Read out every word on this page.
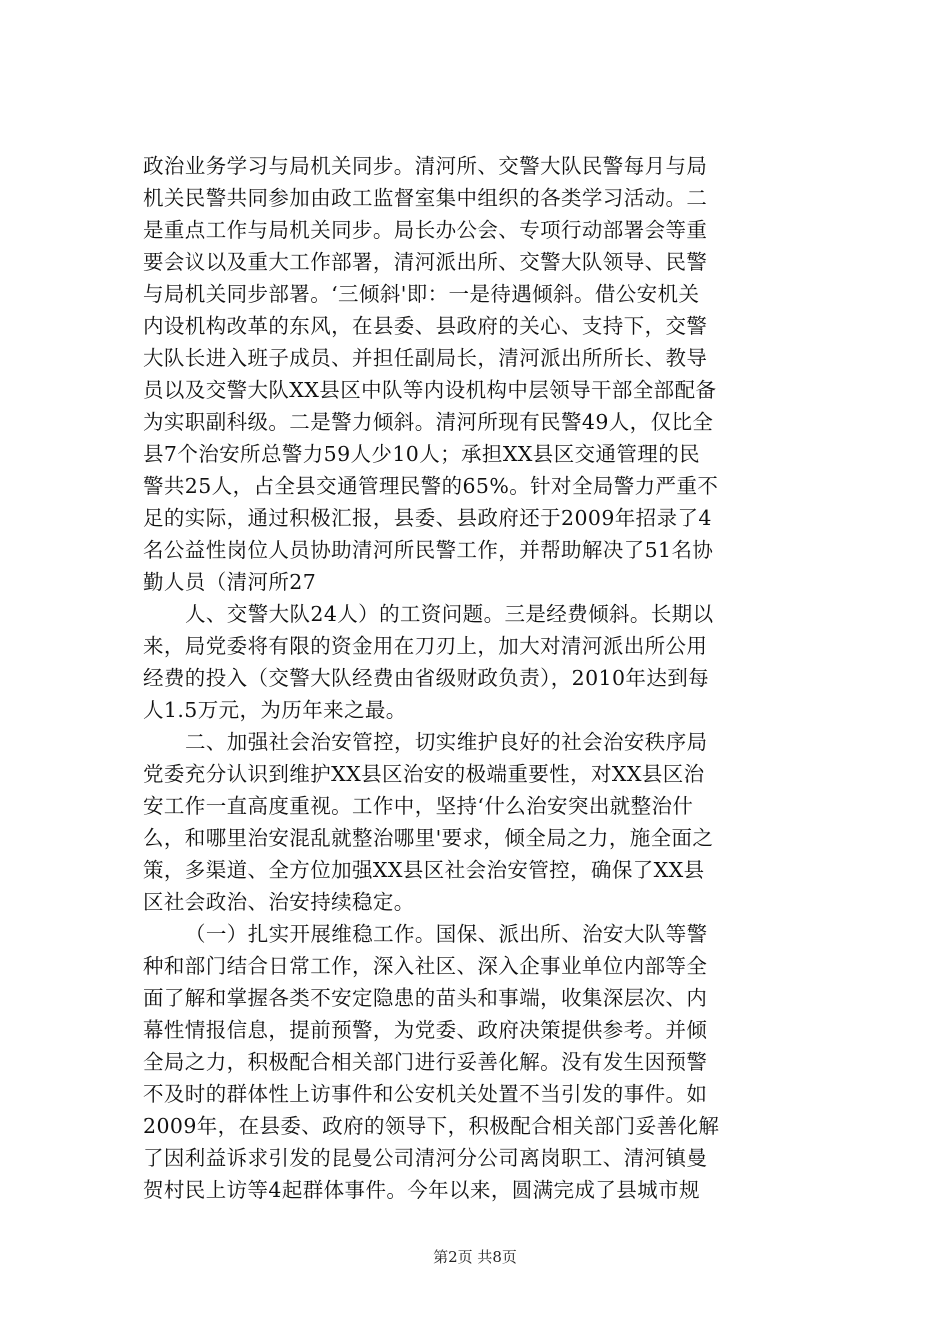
政治业务学习与局机关同步。清河所、交警大队民警每月与局
机关民警共同参加由政工监督室集中组织的各类学习活动。二
是重点工作与局机关同步。局长办公会、专项行动部署会等重
要会议以及重大工作部署，清河派出所、交警大队领导、民警
与局机关同步部署。‘三倾斜'即：一是待遇倾斜。借公安机关
内设机构改革的东风，在县委、县政府的关心、支持下，交警
大队长进入班子成员、并担任副局长，清河派出所所长、教导
员以及交警大队XX县区中队等内设机构中层领导干部全部配备
为实职副科级。二是警力倾斜。清河所现有民警49人，仅比全
县7个治安所总警力59人少10人；承担XX县区交通管理的民
警共25人，占全县交通管理民警的65%。针对全局警力严重不
足的实际，通过积极汇报，县委、县政府还于2009年招录了4
名公益性岗位人员协助清河所民警工作，并帮助解决了51名协
勤人员（清河所27
人、交警大队24人）的工资问题。三是经费倾斜。长期以
来，局党委将有限的资金用在刀刃上，加大对清河派出所公用
经费的投入（交警大队经费由省级财政负责），2010年达到每
人1.5万元，为历年来之最。
二、加强社会治安管控，切实维护良好的社会治安秩序局
党委充分认识到维护XX县区治安的极端重要性，对XX县区治
安工作一直高度重视。工作中，坚持‘什么治安突出就整治什
么，和哪里治安混乱就整治哪里'要求，倾全局之力，施全面之
策，多渠道、全方位加强XX县区社会治安管控，确保了XX县
区社会政治、治安持续稳定。
（一）扎实开展维稳工作。国保、派出所、治安大队等警
种和部门结合日常工作，深入社区、深入企事业单位内部等全
面了解和掌握各类不安定隐患的苗头和事端，收集深层次、内
幕性情报信息，提前预警，为党委、政府决策提供参考。并倾
全局之力，积极配合相关部门进行妥善化解。没有发生因预警
不及时的群体性上访事件和公安机关处置不当引发的事件。如
2009年，在县委、政府的领导下，积极配合相关部门妥善化解
了因利益诉求引发的昆曼公司清河分公司离岗职工、清河镇曼
贺村民上访等4起群体事件。今年以来，圆满完成了县城市规
第2页 共8页
